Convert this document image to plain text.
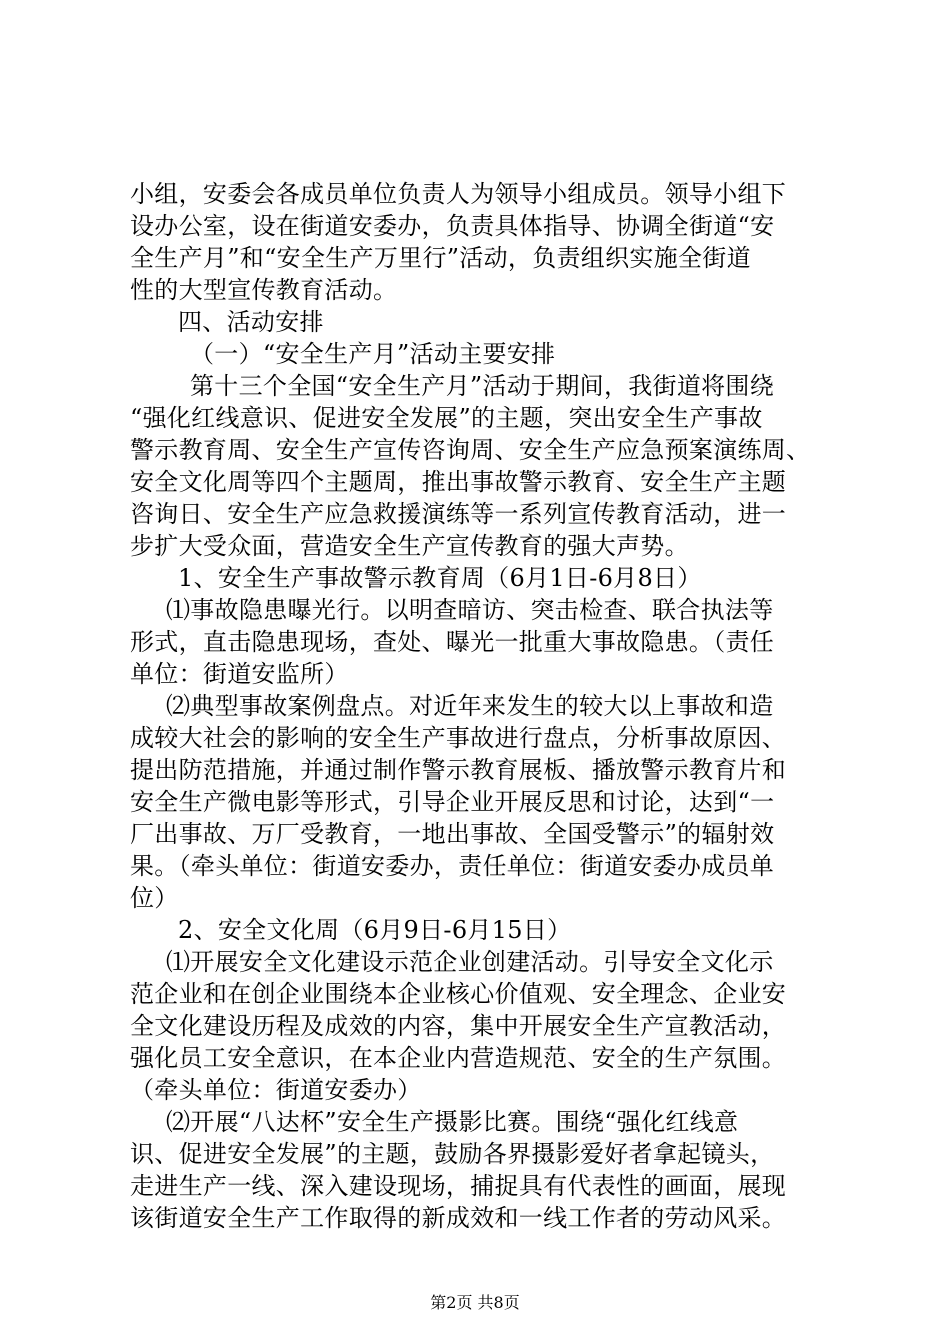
小组，安委会各成员单位负责人为领导小组成员。领导小组下
设办公室，设在街道安委办，负责具体指导、协调全街道“安
全生产月”和“安全生产万里行”活动，负责组织实施全街道
性的大型宣传教育活动。
四、活动安排
（一）“安全生产月”活动主要安排
第十三个全国“安全生产月”活动于期间，我街道将围绕
“强化红线意识、促进安全发展”的主题，突出安全生产事故
警示教育周、安全生产宣传咨询周、安全生产应急预案演练周、
安全文化周等四个主题周，推出事故警示教育、安全生产主题
咨询日、安全生产应急救援演练等一系列宣传教育活动，进一
步扩大受众面，营造安全生产宣传教育的强大声势。
1、安全生产事故警示教育周（6月1日-6月8日）
⑴事故隐患曝光行。以明查暗访、突击检查、联合执法等
形式，直击隐患现场，查处、曝光一批重大事故隐患。（责任
单位：街道安监所）
⑵典型事故案例盘点。对近年来发生的较大以上事故和造
成较大社会的影响的安全生产事故进行盘点，分析事故原因、
提出防范措施，并通过制作警示教育展板、播放警示教育片和
安全生产微电影等形式，引导企业开展反思和讨论，达到“一
厂出事故、万厂受教育，一地出事故、全国受警示”的辐射效
果。（牵头单位：街道安委办，责任单位：街道安委办成员单
位）
2、安全文化周（6月9日-6月15日）
⑴开展安全文化建设示范企业创建活动。引导安全文化示
范企业和在创企业围绕本企业核心价值观、安全理念、企业安
全文化建设历程及成效的内容，集中开展安全生产宣教活动，
强化员工安全意识，在本企业内营造规范、安全的生产氛围。
（牵头单位：街道安委办）
⑵开展“八达杯”安全生产摄影比赛。围绕“强化红线意
识、促进安全发展”的主题，鼓励各界摄影爱好者拿起镜头，
走进生产一线、深入建设现场，捕捉具有代表性的画面，展现
该街道安全生产工作取得的新成效和一线工作者的劳动风采。
第2页 共8页
